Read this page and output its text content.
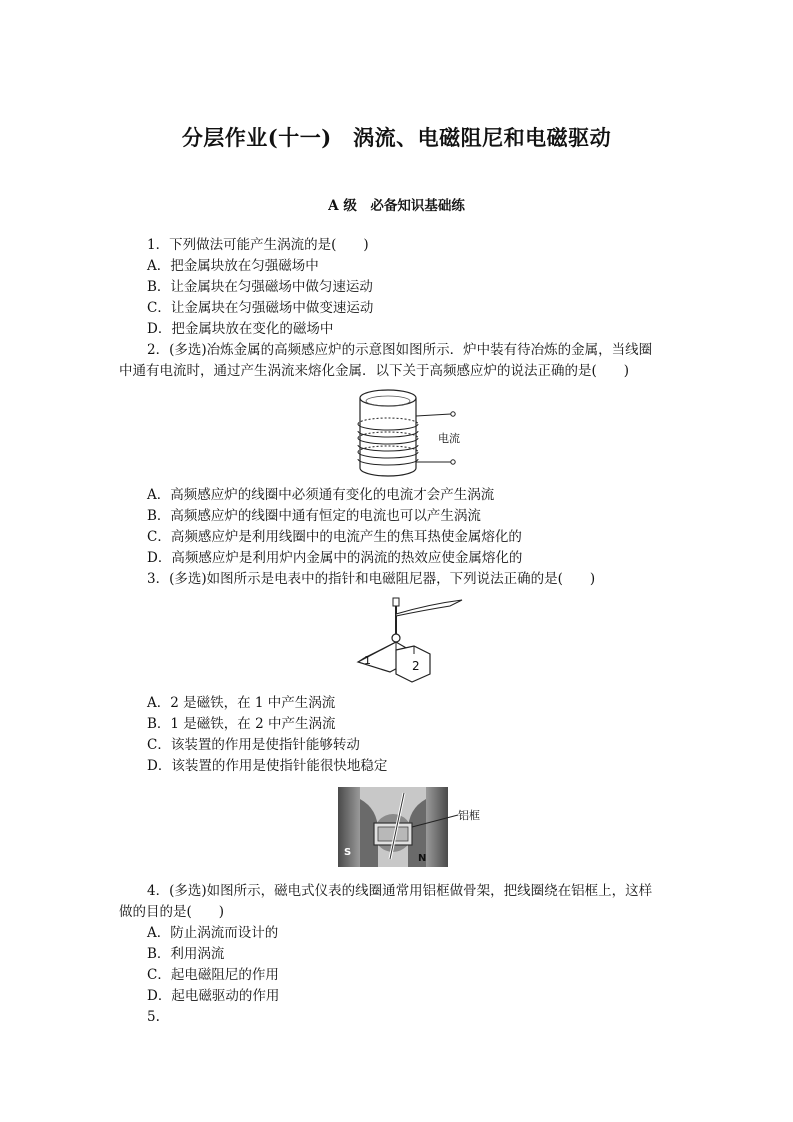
分层作业(十一)　涡流、电磁阻尼和电磁驱动
A 级　必备知识基础练
1．下列做法可能产生涡流的是(　　)
A．把金属块放在匀强磁场中
B．让金属块在匀强磁场中做匀速运动
C．让金属块在匀强磁场中做变速运动
D．把金属块放在变化的磁场中
2．(多选)冶炼金属的高频感应炉的示意图如图所示．炉中装有待冶炼的金属，当线圈
中通有电流时，通过产生涡流来熔化金属．以下关于高频感应炉的说法正确的是(　　)
电流
A．高频感应炉的线圈中必须通有变化的电流才会产生涡流
B．高频感应炉的线圈中通有恒定的电流也可以产生涡流
C．高频感应炉是利用线圈中的电流产生的焦耳热使金属熔化的
D．高频感应炉是利用炉内金属中的涡流的热效应使金属熔化的
3．(多选)如图所示是电表中的指针和电磁阻尼器，下列说法正确的是(　　)
1	2
A．2 是磁铁，在 1 中产生涡流
B．1 是磁铁，在 2 中产生涡流
C．该装置的作用是使指针能够转动
D．该装置的作用是使指针能很快地稳定
S
N
铝框
4．(多选)如图所示，磁电式仪表的线圈通常用铝框做骨架，把线圈绕在铝框上，这样
做的目的是(　　)
A．防止涡流而设计的
B．利用涡流
C．起电磁阻尼的作用
D．起电磁驱动的作用
5.
